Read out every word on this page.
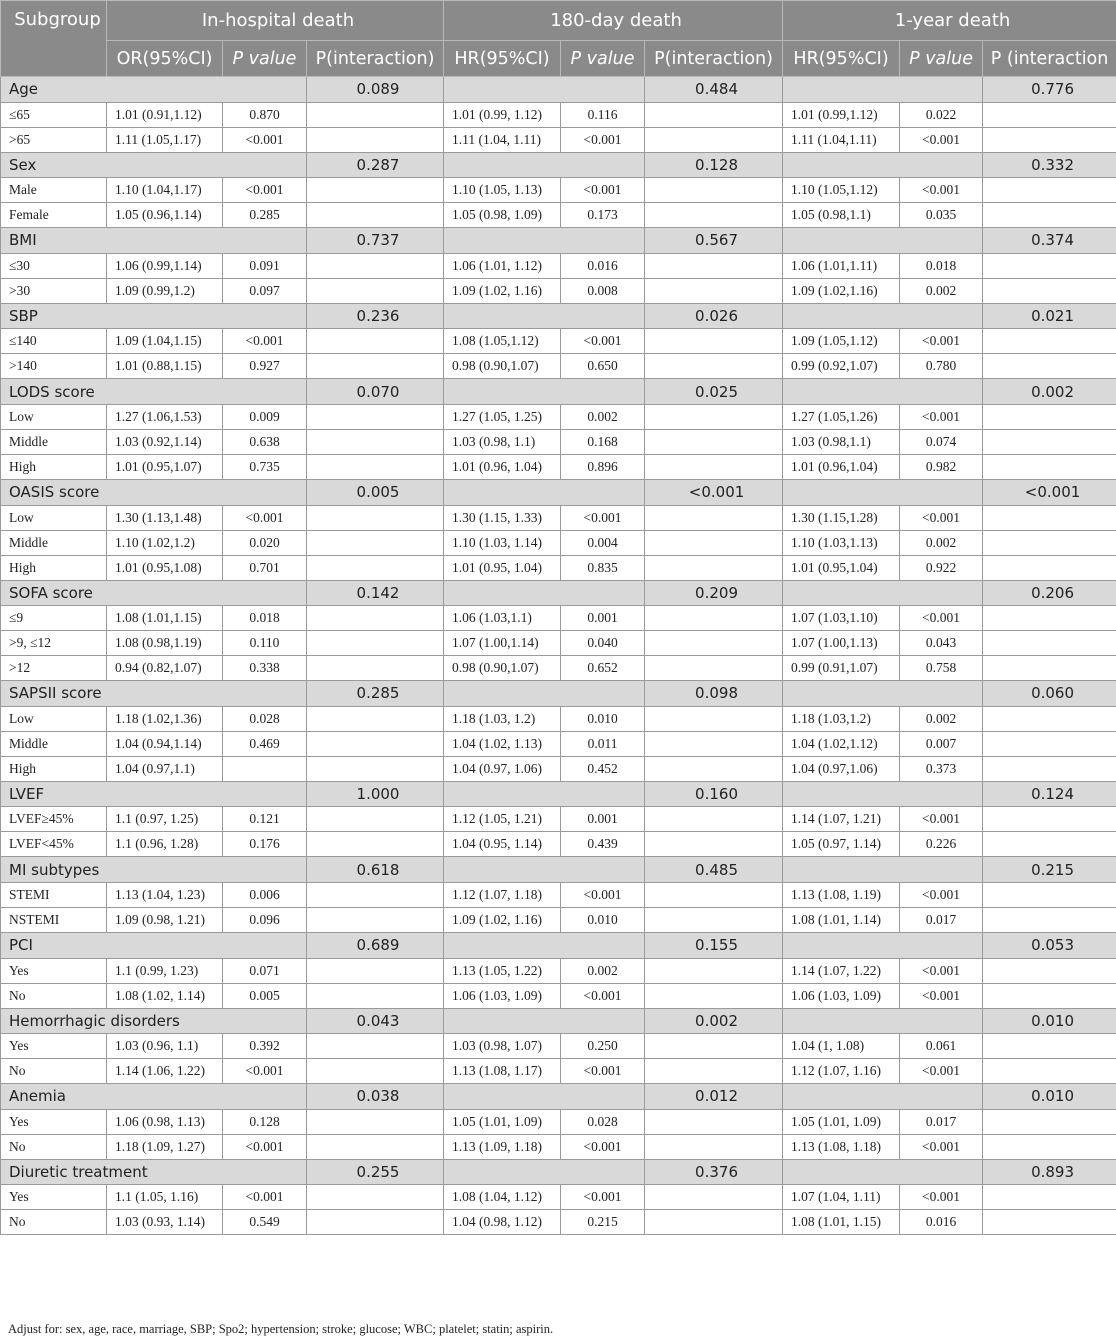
Subgroup	In-hospital death			180-day death			1-year death		
	OR(95%CI)	P value	P(interaction)	HR(95%CI)	P value	P(interaction)	HR(95%CI)	P value	P (interaction
Age			0.089			0.484			0.776
≤65	1.01 (0.91,1.12)	0.870		1.01 (0.99, 1.12)	0.116		1.01 (0.99,1.12)	0.022	
>65	1.11 (1.05,1.17)	<0.001		1.11 (1.04, 1.11)	<0.001		1.11 (1.04,1.11)	<0.001	
Sex			0.287			0.128			0.332
Male	1.10 (1.04,1.17)	<0.001		1.10 (1.05, 1.13)	<0.001		1.10 (1.05,1.12)	<0.001	
Female	1.05 (0.96,1.14)	0.285		1.05 (0.98, 1.09)	0.173		1.05 (0.98,1.1)	0.035	
BMI			0.737			0.567			0.374
≤30	1.06 (0.99,1.14)	0.091		1.06 (1.01, 1.12)	0.016		1.06 (1.01,1.11)	0.018	
>30	1.09 (0.99,1.2)	0.097		1.09 (1.02, 1.16)	0.008		1.09 (1.02,1.16)	0.002	
SBP			0.236			0.026			0.021
≤140	1.09 (1.04,1.15)	<0.001		1.08 (1.05,1.12)	<0.001		1.09 (1.05,1.12)	<0.001	
>140	1.01 (0.88,1.15)	0.927		0.98 (0.90,1.07)	0.650		0.99 (0.92,1.07)	0.780	
LODS score			0.070			0.025			0.002
Low	1.27 (1.06,1.53)	0.009		1.27 (1.05, 1.25)	0.002		1.27 (1.05,1.26)	<0.001	
Middle	1.03 (0.92,1.14)	0.638		1.03 (0.98, 1.1)	0.168		1.03 (0.98,1.1)	0.074	
High	1.01 (0.95,1.07)	0.735		1.01 (0.96, 1.04)	0.896		1.01 (0.96,1.04)	0.982	
OASIS score			0.005			<0.001			<0.001
Low	1.30 (1.13,1.48)	<0.001		1.30 (1.15, 1.33)	<0.001		1.30 (1.15,1.28)	<0.001	
Middle	1.10 (1.02,1.2)	0.020		1.10 (1.03, 1.14)	0.004		1.10 (1.03,1.13)	0.002	
High	1.01 (0.95,1.08)	0.701		1.01 (0.95, 1.04)	0.835		1.01 (0.95,1.04)	0.922	
SOFA score			0.142			0.209			0.206
≤9	1.08 (1.01,1.15)	0.018		1.06 (1.03,1.1)	0.001		1.07 (1.03,1.10)	<0.001	
>9, ≤12	1.08 (0.98,1.19)	0.110		1.07 (1.00,1.14)	0.040		1.07 (1.00,1.13)	0.043	
>12	0.94 (0.82,1.07)	0.338		0.98 (0.90,1.07)	0.652		0.99 (0.91,1.07)	0.758	
SAPSII score			0.285			0.098			0.060
Low	1.18 (1.02,1.36)	0.028		1.18 (1.03, 1.2)	0.010		1.18 (1.03,1.2)	0.002	
Middle	1.04 (0.94,1.14)	0.469		1.04 (1.02, 1.13)	0.011		1.04 (1.02,1.12)	0.007	
High	1.04 (0.97,1.1)			1.04 (0.97, 1.06)	0.452		1.04 (0.97,1.06)	0.373	
LVEF			1.000			0.160			0.124
LVEF≥45%	1.1 (0.97, 1.25)	0.121		1.12 (1.05, 1.21)	0.001		1.14 (1.07, 1.21)	<0.001	
LVEF<45%	1.1 (0.96, 1.28)	0.176		1.04 (0.95, 1.14)	0.439		1.05 (0.97, 1.14)	0.226	
MI subtypes			0.618			0.485			0.215
STEMI	1.13 (1.04, 1.23)	0.006		1.12 (1.07, 1.18)	<0.001		1.13 (1.08, 1.19)	<0.001	
NSTEMI	1.09 (0.98, 1.21)	0.096		1.09 (1.02, 1.16)	0.010		1.08 (1.01, 1.14)	0.017	
PCI			0.689			0.155			0.053
Yes	1.1 (0.99, 1.23)	0.071		1.13 (1.05, 1.22)	0.002		1.14 (1.07, 1.22)	<0.001	
No	1.08 (1.02, 1.14)	0.005		1.06 (1.03, 1.09)	<0.001		1.06 (1.03, 1.09)	<0.001	
Hemorrhagic disorders			0.043			0.002			0.010
Yes	1.03 (0.96, 1.1)	0.392		1.03 (0.98, 1.07)	0.250		1.04 (1, 1.08)	0.061	
No	1.14 (1.06, 1.22)	<0.001		1.13 (1.08, 1.17)	<0.001		1.12 (1.07, 1.16)	<0.001	
Anemia			0.038			0.012			0.010
Yes	1.06 (0.98, 1.13)	0.128		1.05 (1.01, 1.09)	0.028		1.05 (1.01, 1.09)	0.017	
No	1.18 (1.09, 1.27)	<0.001		1.13 (1.09, 1.18)	<0.001		1.13 (1.08, 1.18)	<0.001	
Diuretic treatment			0.255			0.376			0.893
Yes	1.1 (1.05, 1.16)	<0.001		1.08 (1.04, 1.12)	<0.001		1.07 (1.04, 1.11)	<0.001	
No	1.03 (0.93, 1.14)	0.549		1.04 (0.98, 1.12)	0.215		1.08 (1.01, 1.15)	0.016	
Adjust for: sex, age, race, marriage, SBP; Spo2; hypertension; stroke; glucose; WBC; platelet; statin; aspirin.
